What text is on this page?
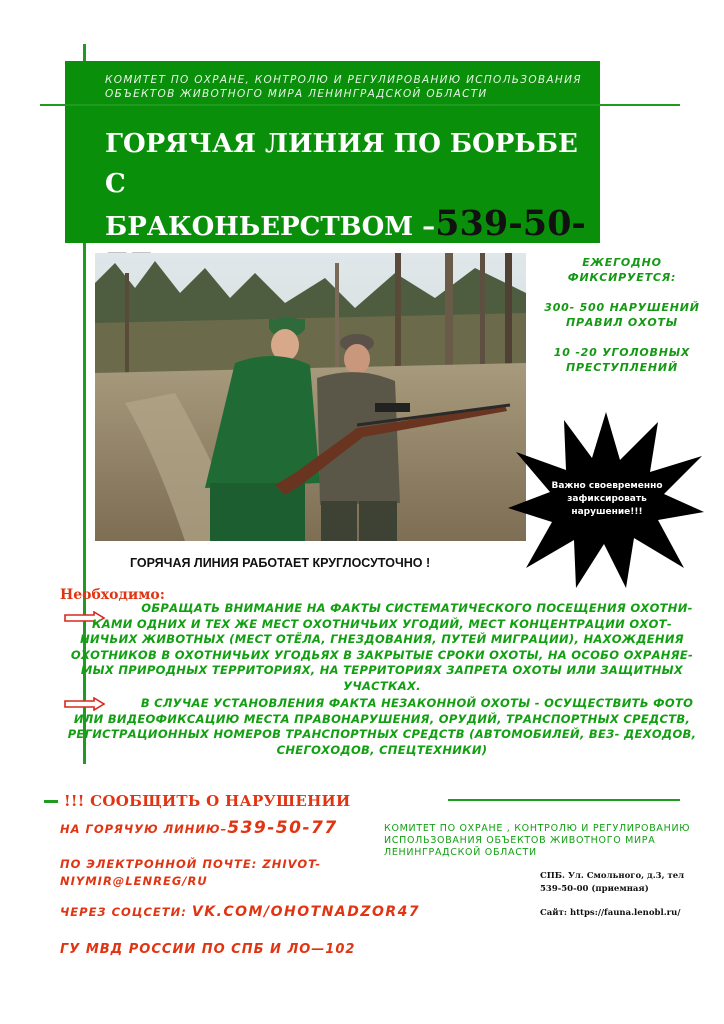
КОМИТЕТ ПО ОХРАНЕ, КОНТРОЛЮ И РЕГУЛИРОВАНИЮ ИСПОЛЬЗОВАНИЯ ОБЪЕКТОВ ЖИВОТНОГО МИРА ЛЕНИНГРАДСКОЙ ОБЛАСТИ
ГОРЯЧАЯ ЛИНИЯ ПО БОРЬБЕ С
БРАКОНЬЕРСТВОМ –539-50-

ЕЖЕГОДНО ФИКСИРУЕТСЯ:

300- 500 НАРУШЕНИЙ ПРАВИЛ ОХОТЫ

10 -20 УГОЛОВНЫХ ПРЕСТУПЛЕНИЙ

Важно своевременно зафиксировать нарушение!!!
ГОРЯЧАЯ ЛИНИЯ РАБОТАЕТ КРУГЛОСУТОЧНО !
Необходимо:
ОБРАЩАТЬ ВНИМАНИЕ НА ФАКТЫ СИСТЕМАТИЧЕСКОГО ПОСЕЩЕНИЯ ОХОТНИ- КАМИ ОДНИХ И ТЕХ ЖЕ МЕСТ ОХОТНИЧЬИХ УГОДИЙ, МЕСТ КОНЦЕНТРАЦИИ ОХОТ- НИЧЬИХ ЖИВОТНЫХ (МЕСТ ОТЁЛА, ГНЕЗДОВАНИЯ, ПУТЕЙ МИГРАЦИИ), НАХОЖДЕНИЯ ОХОТНИКОВ В ОХОТНИЧЬИХ УГОДЬЯХ В ЗАКРЫТЫЕ СРОКИ ОХОТЫ, НА ОСОБО ОХРАНЯЕ- МЫХ ПРИРОДНЫХ ТЕРРИТОРИЯХ, НА ТЕРРИТОРИЯХ ЗАПРЕТА ОХОТЫ ИЛИ ЗАЩИТНЫХ УЧАСТКАХ.
В СЛУЧАЕ УСТАНОВЛЕНИЯ ФАКТА НЕЗАКОННОЙ ОХОТЫ - ОСУЩЕСТВИТЬ ФОТО ИЛИ ВИДЕОФИКСАЦИЮ МЕСТА ПРАВОНАРУШЕНИЯ, ОРУДИЙ, ТРАНСПОРТНЫХ СРЕДСТВ, РЕГИСТРАЦИОННЫХ НОМЕРОВ ТРАНСПОРТНЫХ СРЕДСТВ (АВТОМОБИЛЕЙ, ВЕЗ- ДЕХОДОВ, СНЕГОХОДОВ, СПЕЦТЕХНИКИ)
!!! СООБЩИТЬ О НАРУШЕНИИ
НА ГОРЯЧУЮ ЛИНИЮ–539-50-77
ПО ЭЛЕКТРОННОЙ ПОЧТЕ: ZHIVOT- NIYMIR@LENREG/RU
ЧЕРЕЗ СОЦСЕТИ: VK.COM/OHOTNADZOR47
ГУ МВД РОССИИ ПО СПБ И ЛО—102
КОМИТЕТ ПО ОХРАНЕ , КОНТРОЛЮ И РЕГУЛИРОВАНИЮ ИСПОЛЬЗОВАНИЯ ОБЪЕКТОВ ЖИВОТНОГО МИРА ЛЕНИНГРАДСКОЙ ОБЛАСТИ
СПБ. Ул. Смольного, д.3, тел
539-50-00 (приемная)
Сайт: https://fauna.lenobl.ru/
